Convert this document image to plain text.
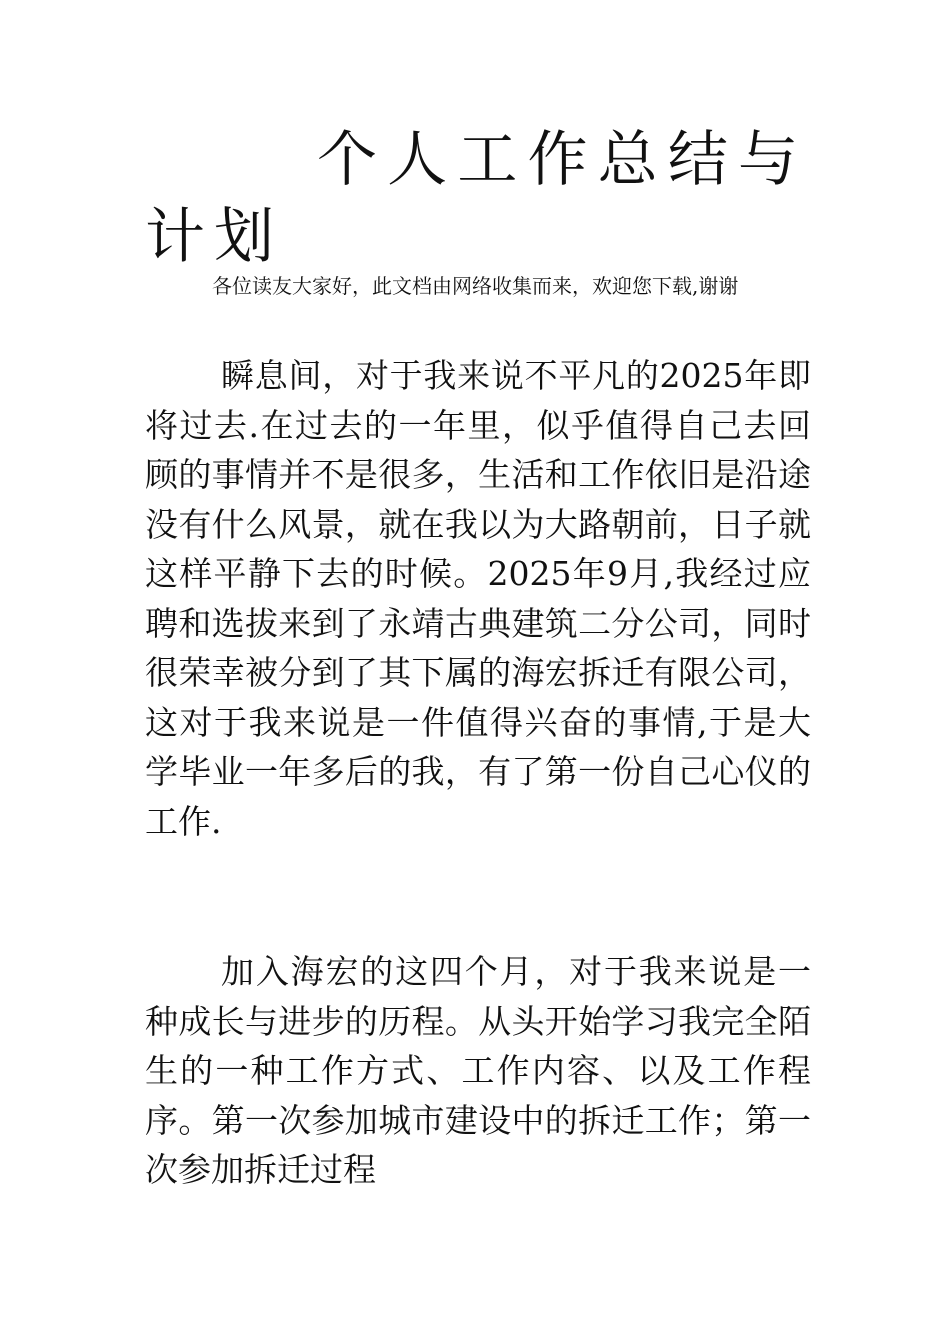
个人工作总结与计划
各位读友大家好，此文档由网络收集而来，欢迎您下载,谢谢

瞬息间，对于我来说不平凡的2025年即将过去.在过去的一年里，似乎值得自己去回顾的事情并不是很多，生活和工作依旧是沿途没有什么风景，就在我以为大路朝前，日子就这样平静下去的时候。2025年9月,我经过应聘和选拔来到了永靖古典建筑二分公司，同时很荣幸被分到了其下属的海宏拆迁有限公司，这对于我来说是一件值得兴奋的事情,于是大学毕业一年多后的我，有了第一份自己心仪的工作.

加入海宏的这四个月，对于我来说是一种成长与进步的历程。从头开始学习我完全陌生的一种工作方式、工作内容、以及工作程序。第一次参加城市建设中的拆迁工作；第一次参加拆迁过程
